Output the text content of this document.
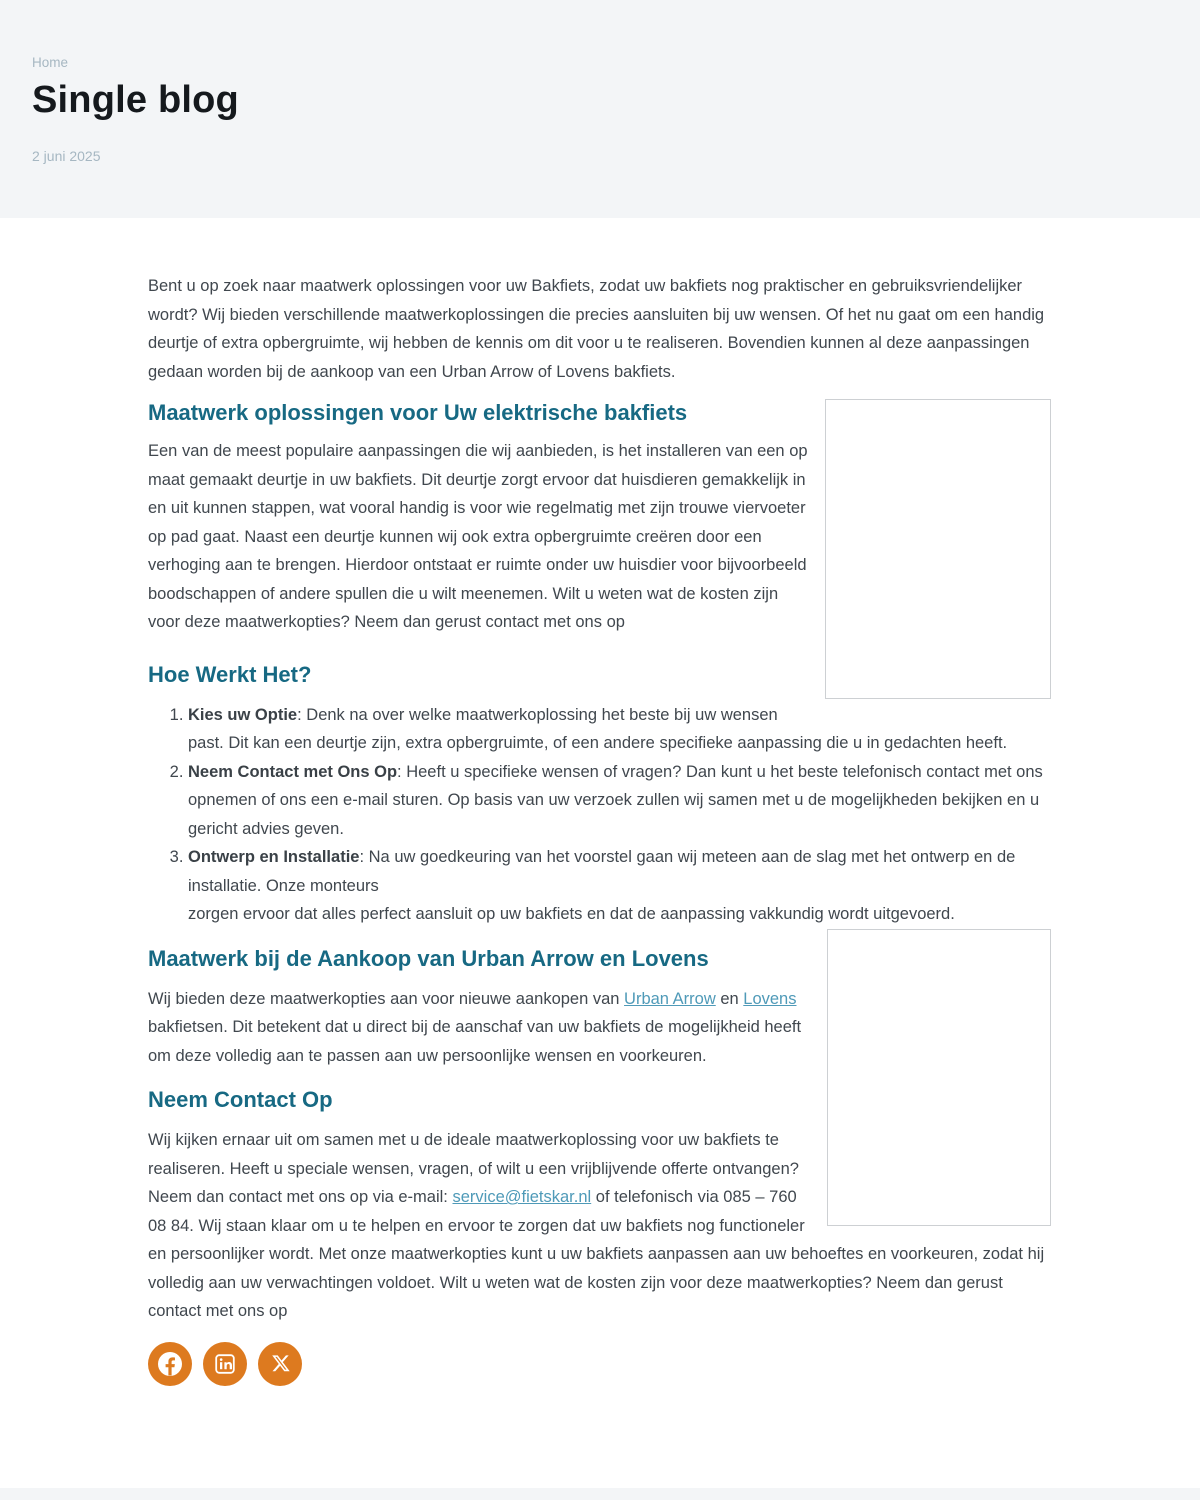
Home
Single blog
2 juni 2025

Bent u op zoek naar maatwerk oplossingen voor uw Bakfiets, zodat uw bakfiets nog praktischer en gebruiksvriendelijker wordt? Wij bieden verschillende maatwerkoplossingen die precies aansluiten bij uw wensen. Of het nu gaat om een handig deurtje of extra opbergruimte, wij hebben de kennis om dit voor u te realiseren. Bovendien kunnen al deze aanpassingen gedaan worden bij de aankoop van een Urban Arrow of Lovens bakfiets.

Maatwerk oplossingen voor Uw elektrische bakfiets

Een van de meest populaire aanpassingen die wij aanbieden, is het installeren van een op maat gemaakt deurtje in uw bakfiets. Dit deurtje zorgt ervoor dat huisdieren gemakkelijk in en uit kunnen stappen, wat vooral handig is voor wie regelmatig met zijn trouwe viervoeter op pad gaat. Naast een deurtje kunnen wij ook extra opbergruimte creëren door een verhoging aan te brengen. Hierdoor ontstaat er ruimte onder uw huisdier voor bijvoorbeeld boodschappen of andere spullen die u wilt meenemen. Wilt u weten wat de kosten zijn voor deze maatwerkopties? Neem dan gerust contact met ons op

Hoe Werkt Het?
1. Kies uw Optie: Denk na over welke maatwerkoplossing het beste bij uw wensen past. Dit kan een deurtje zijn, extra opbergruimte, of een andere specifieke aanpassing die u in gedachten heeft.
2. Neem Contact met Ons Op: Heeft u specifieke wensen of vragen? Dan kunt u het beste telefonisch contact met ons opnemen of ons een e-mail sturen. Op basis van uw verzoek zullen wij samen met u de mogelijkheden bekijken en u gericht advies geven.
3. Ontwerp en Installatie: Na uw goedkeuring van het voorstel gaan wij meteen aan de slag met het ontwerp en de installatie. Onze monteurs
zorgen ervoor dat alles perfect aansluit op uw bakfiets en dat de aanpassing vakkundig wordt uitgevoerd.
Maatwerk bij de Aankoop van Urban Arrow en Lovens

Wij bieden deze maatwerkopties aan voor nieuwe aankopen van Urban Arrow en Lovens bakfietsen. Dit betekent dat u direct bij de aanschaf van uw bakfiets de mogelijkheid heeft om deze volledig aan te passen aan uw persoonlijke wensen en voorkeuren.

Neem Contact Op

Wij kijken ernaar uit om samen met u de ideale maatwerkoplossing voor uw bakfiets te realiseren. Heeft u speciale wensen, vragen, of wilt u een vrijblijvende offerte ontvangen? Neem dan contact met ons op via e-mail: service@fietskar.nl of telefonisch via 085 – 760 08 84. Wij staan klaar om u te helpen en ervoor te zorgen dat uw bakfiets nog functioneler en persoonlijker wordt. Met onze maatwerkopties kunt u uw bakfiets aanpassen aan uw behoeftes en voorkeuren, zodat hij volledig aan uw verwachtingen voldoet. Wilt u weten wat de kosten zijn voor deze maatwerkopties? Neem dan gerust contact met ons op
